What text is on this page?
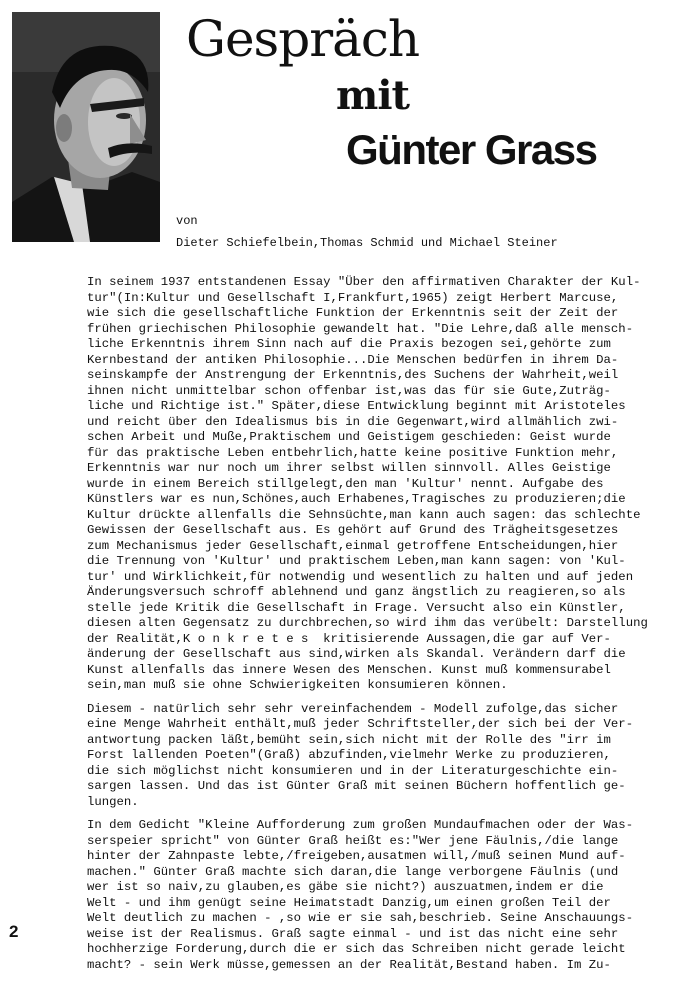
Gespräch
mit
Günter Grass
von
Dieter Schiefelbein,Thomas Schmid und Michael Steiner
In seinem 1937 entstandenen Essay "Über den affirmativen Charakter der Kul-
tur"(In:Kultur und Gesellschaft I,Frankfurt,1965) zeigt Herbert Marcuse,
wie sich die gesellschaftliche Funktion der Erkenntnis seit der Zeit der
frühen griechischen Philosophie gewandelt hat. "Die Lehre,daß alle mensch-
liche Erkenntnis ihrem Sinn nach auf die Praxis bezogen sei,gehörte zum
Kernbestand der antiken Philosophie...Die Menschen bedürfen in ihrem Da-
seinskampfe der Anstrengung der Erkenntnis,des Suchens der Wahrheit,weil
ihnen nicht unmittelbar schon offenbar ist,was das für sie Gute,Zuträg-
liche und Richtige ist." Später,diese Entwicklung beginnt mit Aristoteles
und reicht über den Idealismus bis in die Gegenwart,wird allmählich zwi-
schen Arbeit und Muße,Praktischem und Geistigem geschieden: Geist wurde
für das praktische Leben entbehrlich,hatte keine positive Funktion mehr,
Erkenntnis war nur noch um ihrer selbst willen sinnvoll. Alles Geistige
wurde in einem Bereich stillgelegt,den man 'Kultur' nennt. Aufgabe des
Künstlers war es nun,Schönes,auch Erhabenes,Tragisches zu produzieren;die
Kultur drückte allenfalls die Sehnsüchte,man kann auch sagen: das schlechte
Gewissen der Gesellschaft aus. Es gehört auf Grund des Trägheitsgesetzes
zum Mechanismus jeder Gesellschaft,einmal getroffene Entscheidungen,hier
die Trennung von 'Kultur' und praktischem Leben,man kann sagen: von 'Kul-
tur' und Wirklichkeit,für notwendig und wesentlich zu halten und auf jeden
Änderungsversuch schroff ablehnend und ganz ängstlich zu reagieren,so als
stelle jede Kritik die Gesellschaft in Frage. Versucht also ein Künstler,
diesen alten Gegensatz zu durchbrechen,so wird ihm das verübelt: Darstellung
der Realität,K o n k r e t e s  kritisierende Aussagen,die gar auf Ver-
änderung der Gesellschaft aus sind,wirken als Skandal. Verändern darf die
Kunst allenfalls das innere Wesen des Menschen. Kunst muß kommensurabel
sein,man muß sie ohne Schwierigkeiten konsumieren können.
Diesem - natürlich sehr sehr vereinfachendem - Modell zufolge,das sicher
eine Menge Wahrheit enthält,muß jeder Schriftsteller,der sich bei der Ver-
antwortung packen läßt,bemüht sein,sich nicht mit der Rolle des "irr im
Forst lallenden Poeten"(Graß) abzufinden,vielmehr Werke zu produzieren,
die sich möglichst nicht konsumieren und in der Literaturgeschichte ein-
sargen lassen. Und das ist Günter Graß mit seinen Büchern hoffentlich ge-
lungen.
In dem Gedicht "Kleine Aufforderung zum großen Mundaufmachen oder der Was-
serspeier spricht" von Günter Graß heißt es:"Wer jene Fäulnis,/die lange
hinter der Zahnpaste lebte,/freigeben,ausatmen will,/muß seinen Mund auf-
machen." Günter Graß machte sich daran,die lange verborgene Fäulnis (und
wer ist so naiv,zu glauben,es gäbe sie nicht?) auszuatmen,indem er die
Welt - und ihm genügt seine Heimatstadt Danzig,um einen großen Teil der
Welt deutlich zu machen - ,so wie er sie sah,beschrieb. Seine Anschauungs-
weise ist der Realismus. Graß sagte einmal - und ist das nicht eine sehr
hochherzige Forderung,durch die er sich das Schreiben nicht gerade leicht
macht? - sein Werk müsse,gemessen an der Realität,Bestand haben. Im Zu-
2
